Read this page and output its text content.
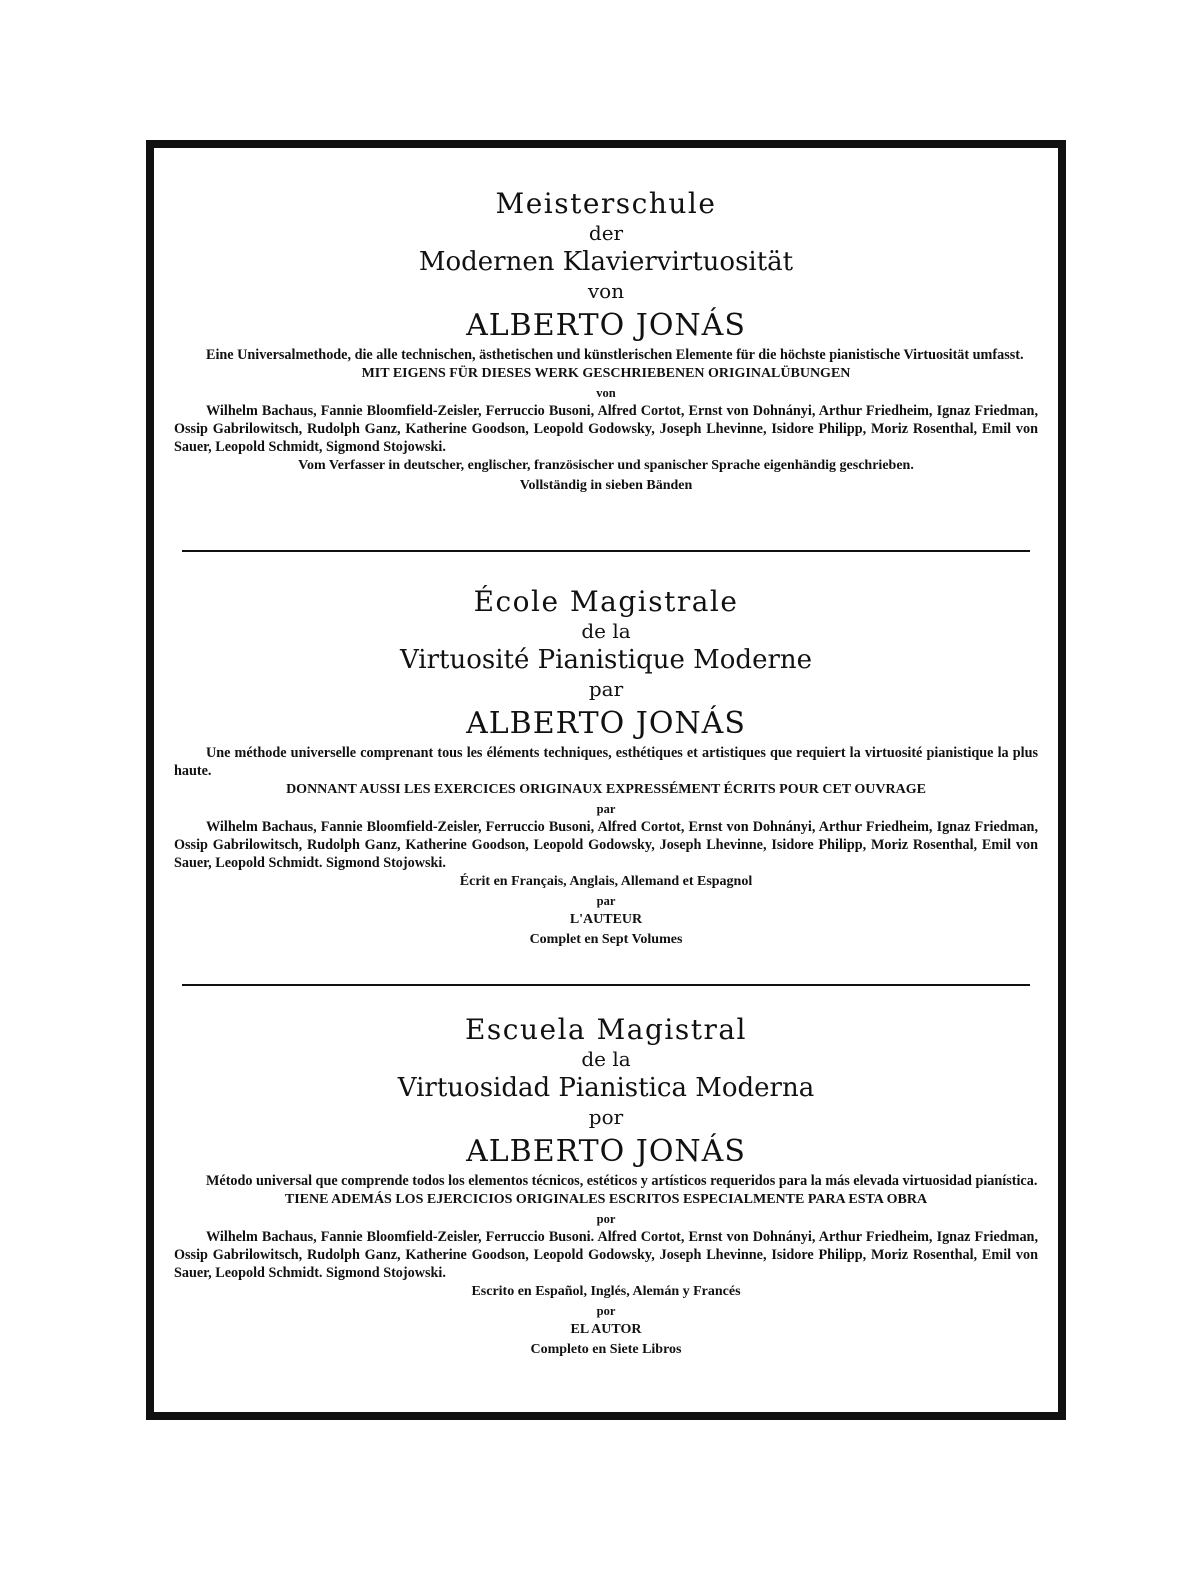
Meisterschule
der
Modernen Klaviervirtuosität
von
ALBERTO JONÁS

Eine Universalmethode, die alle technischen, ästhetischen und künstlerischen Elemente für die höchste pianistische Virtuosität umfasst.

MIT EIGENS FÜR DIESES WERK GESCHRIEBENEN ORIGINALÜBUNGEN
von

Wilhelm Bachaus, Fannie Bloomfield-Zeisler, Ferruccio Busoni, Alfred Cortot, Ernst von Dohnányi, Arthur Friedheim, Ignaz Friedman, Ossip Gabrilowitsch, Rudolph Ganz, Katherine Goodson, Leopold Godowsky, Joseph Lhevinne, Isidore Philipp, Moriz Rosenthal, Emil von Sauer, Leopold Schmidt, Sigmond Stojowski.

Vom Verfasser in deutscher, englischer, französischer und spanischer Sprache eigenhändig geschrieben.
Vollständig in sieben Bänden
École Magistrale
de la
Virtuosité Pianistique Moderne
par
ALBERTO JONÁS

Une méthode universelle comprenant tous les éléments techniques, esthétiques et artistiques que requiert la virtuosité pianistique la plus haute.

DONNANT AUSSI LES EXERCICES ORIGINAUX EXPRESSÉMENT ÉCRITS POUR CET OUVRAGE
par

Wilhelm Bachaus, Fannie Bloomfield-Zeisler, Ferruccio Busoni, Alfred Cortot, Ernst von Dohnányi, Arthur Friedheim, Ignaz Friedman, Ossip Gabrilowitsch, Rudolph Ganz, Katherine Goodson, Leopold Godowsky, Joseph Lhevinne, Isidore Philipp, Moriz Rosenthal, Emil von Sauer, Leopold Schmidt. Sigmond Stojowski.

Écrit en Français, Anglais, Allemand et Espagnol
par
L'AUTEUR
Complet en Sept Volumes
Escuela Magistral
de la
Virtuosidad Pianistica Moderna
por
ALBERTO JONÁS

Método universal que comprende todos los elementos técnicos, estéticos y artísticos requeridos para la más elevada virtuosidad pianística.

TIENE ADEMÁS LOS EJERCICIOS ORIGINALES ESCRITOS ESPECIALMENTE PARA ESTA OBRA
por

Wilhelm Bachaus, Fannie Bloomfield-Zeisler, Ferruccio Busoni. Alfred Cortot, Ernst von Dohnányi, Arthur Friedheim, Ignaz Friedman, Ossip Gabrilowitsch, Rudolph Ganz, Katherine Goodson, Leopold Godowsky, Joseph Lhevinne, Isidore Philipp, Moriz Rosenthal, Emil von Sauer, Leopold Schmidt. Sigmond Stojowski.

Escrito en Español, Inglés, Alemán y Francés
por
EL AUTOR
Completo en Siete Libros
